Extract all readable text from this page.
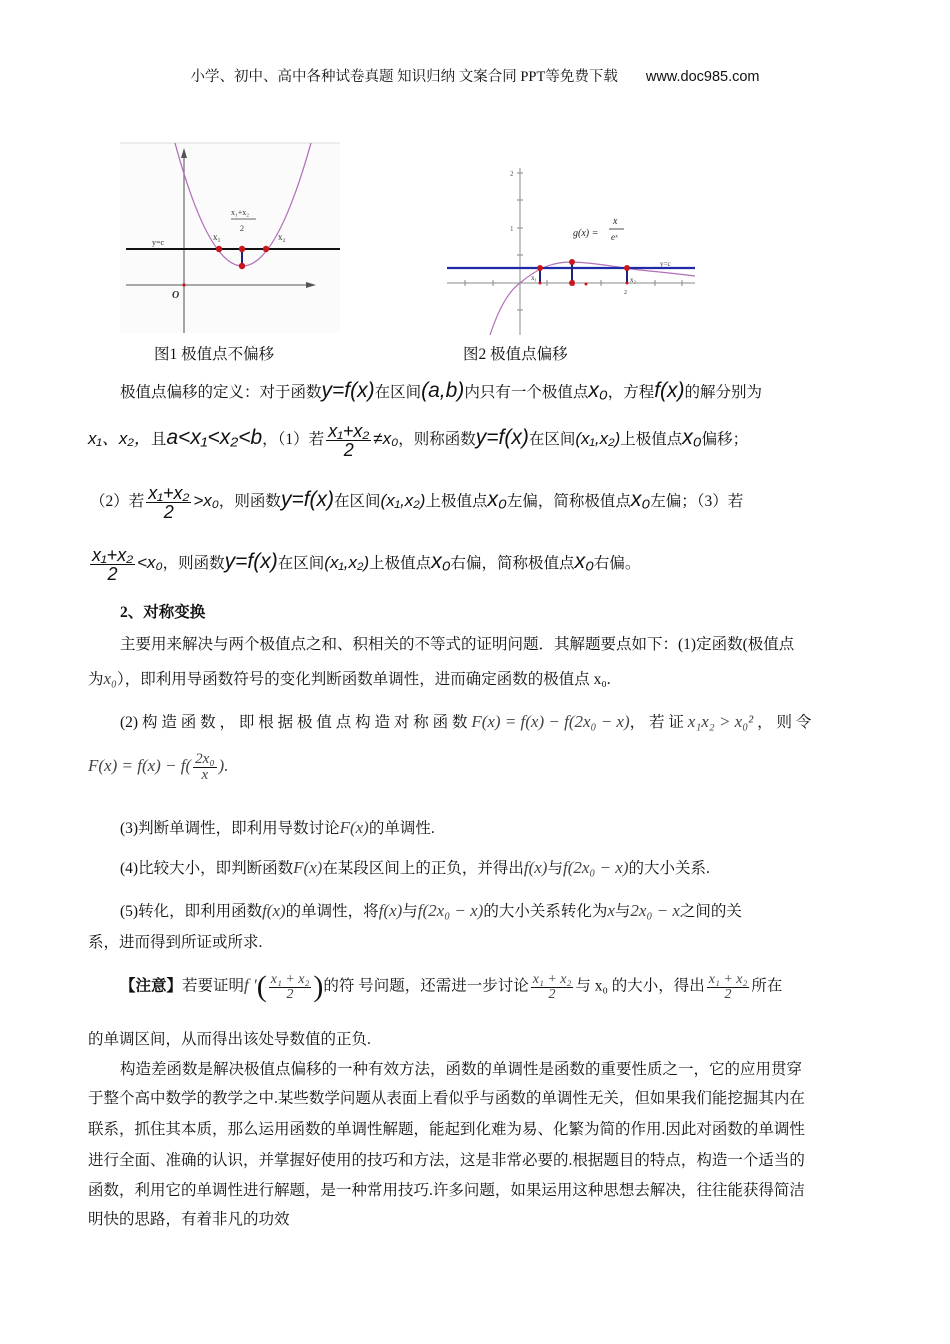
小学、初中、高中各种试卷真题 知识归纳 文案合同 PPT等免费下载 www.doc985.com
y=c
x₁	x₂
x₁+x₂
2
O
2
1	g(x) =
x
eˣ
y=c
x₁	x₂
2
图1 极值点不偏移	图2 极值点偏移
极值点偏移的定义：对于函数y=f(x)在区间(a,b)内只有一个极值点x₀，方程f(x)的解分别为
x₁、x₂，且a<x₁<x₂<b，（1）若 $\frac{\text{x₁+x₂}}{2} \ne x_0$，则称函数y=f(x)在区间(x₁,x₂)上极值点x₀偏移；
（2）若 $\frac{\text{x₁+x₂}}{2} >x_0$，则函数y=f(x)在区间(x₁,x₂)上极值点x₀左偏，简称极值点x₀左偏；（3）若
$\frac{\text{x₁+x₂}}{2} <x_0$，则函数y=f(x)在区间(x₁,x₂)上极值点x₀右偏，简称极值点x₀右偏。
2、对称变换
主要用来解决与两个极值点之和、积相关的不等式的证明问题．其解题要点如下：(1)定函数(极值点
为x₀），即利用导函数符号的变化判断函数单调性，进而确定函数的极值点 x₀.
(2) 构 造 函 数 ， 即 根 据 极 值 点 构 造 对 称 函 数 F(x) = f(x) − f(2x₀ − x)， 若 证 x₁x₂ > x₀² ， 则 令
$F(x) = f(x) - f( \frac{\text{2x₀}}{x}$ ).
(3)判断单调性，即利用导数讨论F(x)的单调性.
(4)比较大小，即判断函数F(x)在某段区间上的正负，并得出f(x)与f(2x₀ − x)的大小关系.
(5)转化，即利用函数f(x)的单调性，将f(x)与f(2x₀ − x)的大小关系转化为x与2x₀ − x之间的关
系，进而得到所证或所求.
【注意】若要证明f ′( $\frac{\text{x₁ + x₂}}{2}$ )的符 号问题，还需进一步讨论 $\frac{\text{x₁ + x₂}}{2}$ 与 x₀ 的大小，得出 $\frac{\text{x₁ + x₂}}{2}$ 所在
的单调区间，从而得出该处导数值的正负.
构造差函数是解决极值点偏移的一种有效方法，函数的单调性是函数的重要性质之一，它的应用贯穿
于整个高中数学的教学之中.某些数学问题从表面上看似乎与函数的单调性无关，但如果我们能挖掘其内在
联系，抓住其本质，那么运用函数的单调性解题，能起到化难为易、化繁为简的作用.因此对函数的单调性
进行全面、准确的认识，并掌握好使用的技巧和方法，这是非常必要的.根据题目的特点，构造一个适当的
函数，利用它的单调性进行解题，是一种常用技巧.许多问题，如果运用这种思想去解决，往往能获得简洁
明快的思路，有着非凡的功效
